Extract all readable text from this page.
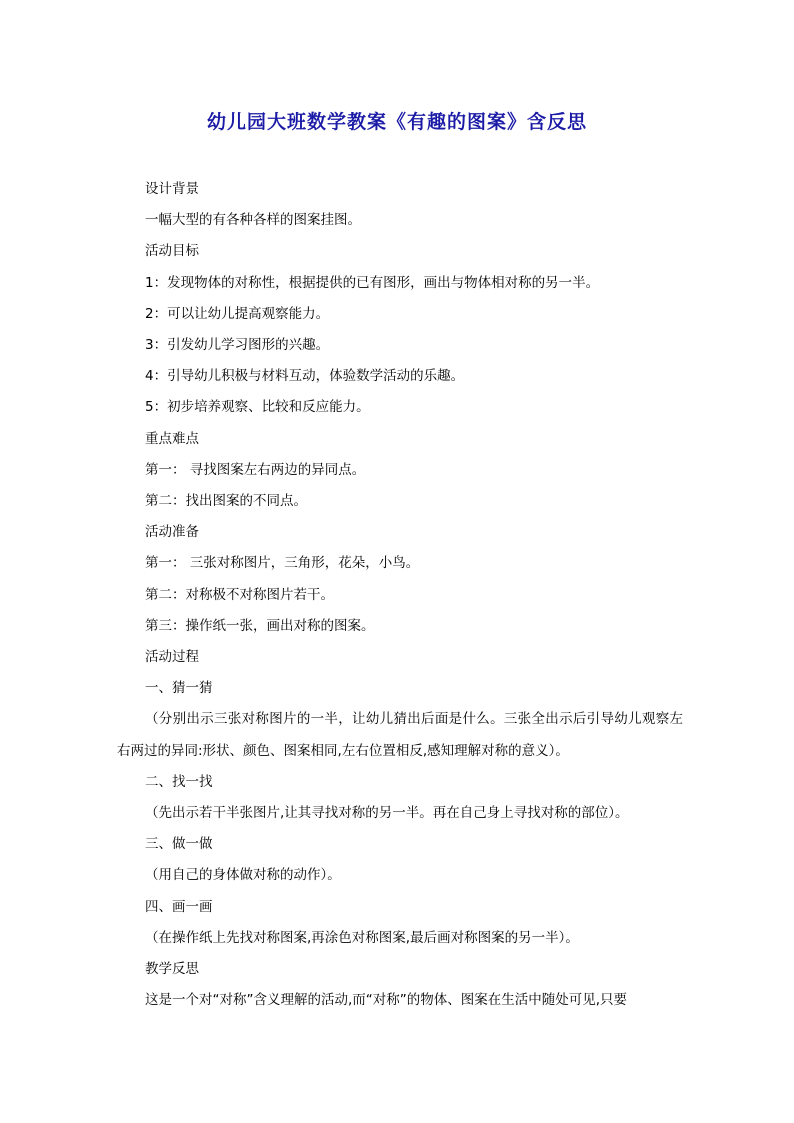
幼儿园大班数学教案《有趣的图案》含反思

设计背景

一幅大型的有各种各样的图案挂图。

活动目标

1：发现物体的对称性，根据提供的已有图形，画出与物体相对称的另一半。

2：可以让幼儿提高观察能力。

3：引发幼儿学习图形的兴趣。

4：引导幼儿积极与材料互动，体验数学活动的乐趣。

5：初步培养观察、比较和反应能力。

重点难点

第一： 寻找图案左右两边的异同点。

第二：找出图案的不同点。

活动准备

第一： 三张对称图片，三角形，花朵，小鸟。

第二：对称极不对称图片若干。

第三：操作纸一张，画出对称的图案。

活动过程

一、猜一猜

（分别出示三张对称图片的一半，让幼儿猜出后面是什么。三张全出示后引导幼儿观察左右两过的异同:形状、颜色、图案相同,左右位置相反,感知理解对称的意义）。

二、找一找

（先出示若干半张图片,让其寻找对称的另一半。再在自己身上寻找对称的部位）。

三、做一做

（用自己的身体做对称的动作）。

四、画一画

（在操作纸上先找对称图案,再涂色对称图案,最后画对称图案的另一半）。

教学反思

这是一个对“对称”含义理解的活动,而“对称”的物体、图案在生活中随处可见,只要
